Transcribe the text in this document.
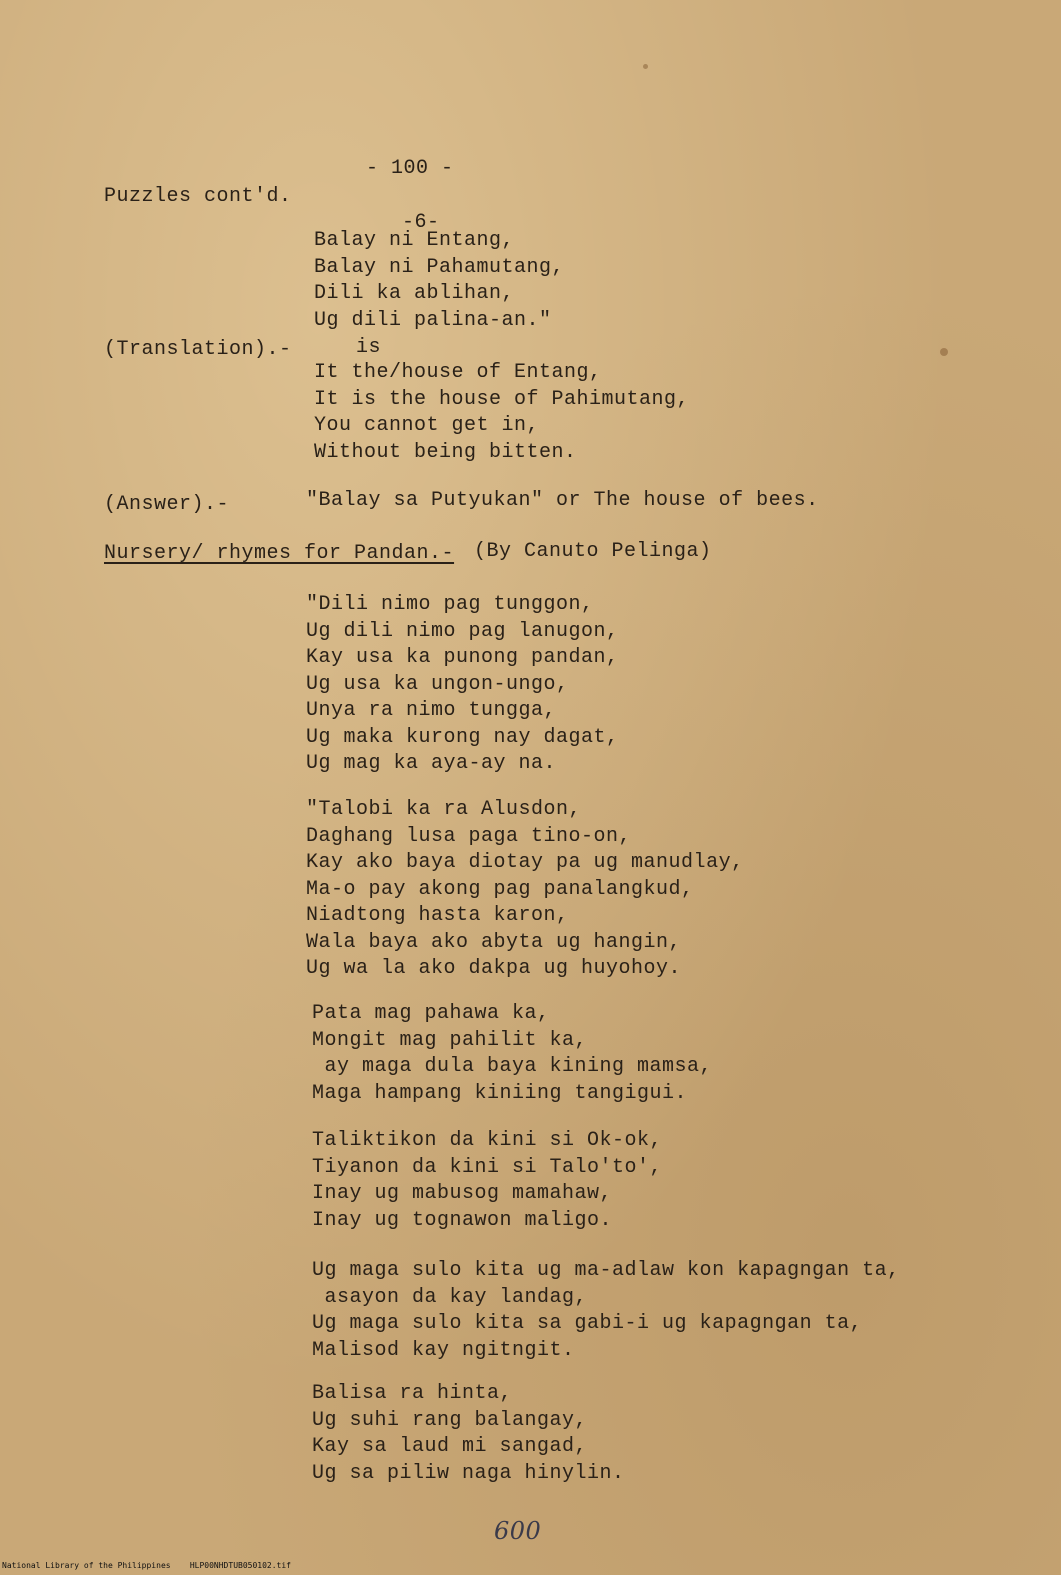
- 100 -
Puzzles cont'd.
-6-
Balay ni Entang,
Balay ni Pahamutang,
Dili ka ablihan,
Ug dili palina-an."
(Translation).-	is
It the/house of Entang,
It is the house of Pahimutang,
You cannot get in,
Without being bitten.
(Answer).-	"Balay sa Putyukan" or The house of bees.
Nursery/ rhymes for Pandan.- (By Canuto Pelinga)
"Dili nimo pag tunggon,
Ug dili nimo pag lanugon,
Kay usa ka punong pandan,
Ug usa ka ungon-ungo,
Unya ra nimo tungga,
Ug maka kurong nay dagat,
Ug mag ka aya-ay na.
"Talobi ka ra Alusdon,
Daghang lusa paga tino-on,
Kay ako baya diotay pa ug manudlay,
Ma-o pay akong pag panalangkud,
Niadtong hasta karon,
Wala baya ako abyta ug hangin,
Ug wa la ako dakpa ug huyohoy.
Pata mag pahawa ka,
Mongit mag pahilit ka,
ay maga dula baya kining mamsa,
Maga hampang kiniing tangigui.
Taliktikon da kini si Ok-ok,
Tiyanon da kini si Talo'to',
Inay ug mabusog mamahaw,
Inay ug tognawon maligo.
Ug maga sulo kita ug ma-adlaw kon kapagngan ta,
asayon da kay landag,
Ug maga sulo kita sa gabi-i ug kapagngan ta,
Malisod kay ngitngit.
Balisa ra hinta,
Ug suhi rang balangay,
Kay sa laud mi sangad,
Ug sa piliw naga hinylin.
600
National Library of the Philippines    HLP00NHDTUB050102.tif
